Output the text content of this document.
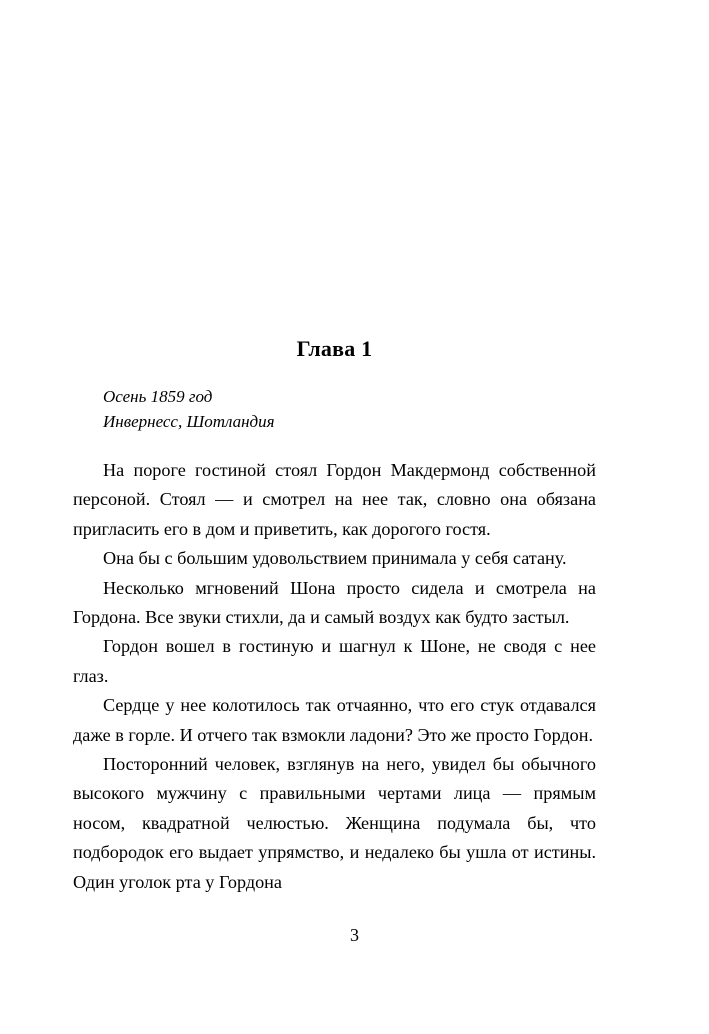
Глава 1
Осень 1859 год
Инвернесс, Шотландия

На пороге гостиной стоял Гордон Макдермонд собственной персоной. Стоял — и смотрел на нее так, словно она обязана пригласить его в дом и приветить, как дорогого гостя.

Она бы с большим удовольствием принимала у себя сатану.

Несколько мгновений Шона просто сидела и смотрела на Гордона. Все звуки стихли, да и самый воздух как будто застыл.

Гордон вошел в гостиную и шагнул к Шоне, не сводя с нее глаз.

Сердце у нее колотилось так отчаянно, что его стук отдавался даже в горле. И отчего так взмокли ладони? Это же просто Гордон.

Посторонний человек, взглянув на него, увидел бы обычного высокого мужчину с правильными чертами лица — прямым носом, квадратной челюстью. Женщина подумала бы, что подбородок его выдает упрямство, и недалеко бы ушла от истины. Один уголок рта у Гордона

3
